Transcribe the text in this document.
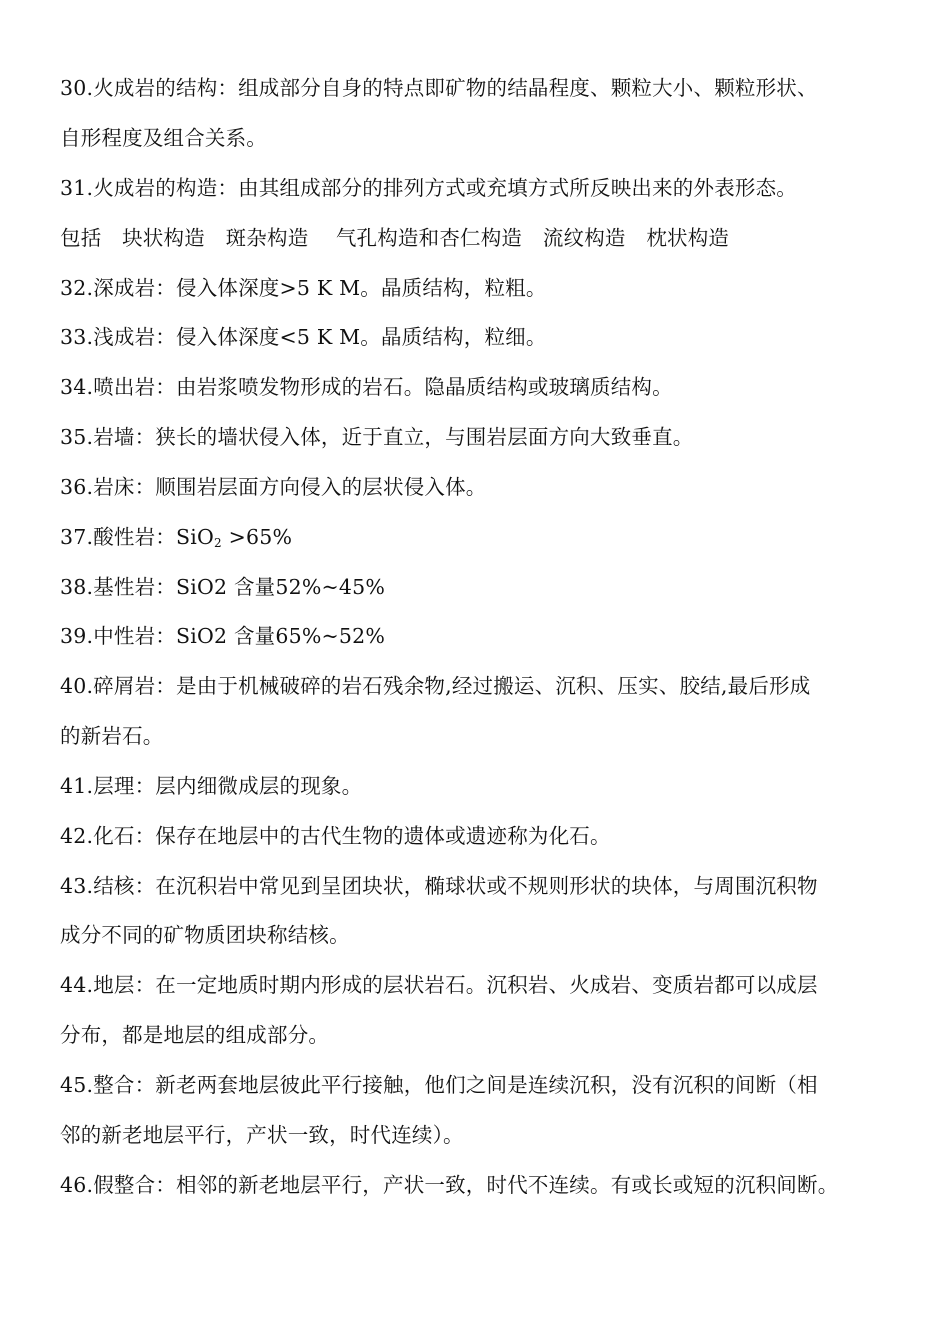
30.火成岩的结构：组成部分自身的特点即矿物的结晶程度、颗粒大小、颗粒形状、
自形程度及组合关系。
31.火成岩的构造：由其组成部分的排列方式或充填方式所反映出来的外表形态。
包括　块状构造　斑杂构造　 气孔构造和杏仁构造　流纹构造　枕状构造
32.深成岩：侵入体深度>5 K M。晶质结构，粒粗。
33.浅成岩：侵入体深度<5 K M。晶质结构，粒细。
34.喷出岩：由岩浆喷发物形成的岩石。隐晶质结构或玻璃质结构。
35.岩墙：狭长的墙状侵入体，近于直立，与围岩层面方向大致垂直。
36.岩床：顺围岩层面方向侵入的层状侵入体。
37.酸性岩：SiO$_2$ >65%
38.基性岩：SiO2 含量52%~45%
39.中性岩：SiO2 含量65%~52%
40.碎屑岩：是由于机械破碎的岩石残余物,经过搬运、沉积、压实、胶结,最后形成
的新岩石。
41.层理：层内细微成层的现象。
42.化石：保存在地层中的古代生物的遗体或遗迹称为化石。
43.结核：在沉积岩中常见到呈团块状，椭球状或不规则形状的块体，与周围沉积物
成分不同的矿物质团块称结核。
44.地层：在一定地质时期内形成的层状岩石。沉积岩、火成岩、变质岩都可以成层
分布，都是地层的组成部分。
45.整合：新老两套地层彼此平行接触，他们之间是连续沉积，没有沉积的间断（相
邻的新老地层平行，产状一致，时代连续）。
46.假整合：相邻的新老地层平行，产状一致，时代不连续。有或长或短的沉积间断。
